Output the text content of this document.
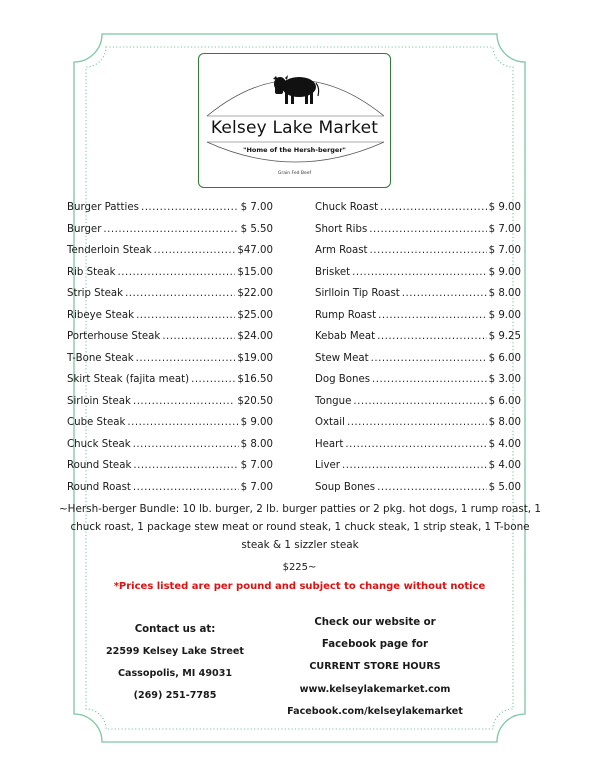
Kelsey Lake Market
"Home of the Hersh-berger"
Grain Fed Beef
Burger Patties .....	$ 7.00
Burger .....	$ 5.50
Tenderloin Steak .....	$47.00
Rib Steak .....	$15.00
Strip Steak .....	$22.00
Ribeye Steak .....	$25.00
Porterhouse Steak .....	$24.00
T-Bone Steak .....	$19.00
Skirt Steak (fajita meat) .....	$16.50
Sirloin Steak .....	$20.50
Cube Steak .....	$ 9.00
Chuck Steak .....	$ 8.00
Round Steak .....	$ 7.00
Round Roast .....	$ 7.00
Chuck Roast .....	$ 9.00
Short Ribs .....	$ 7.00
Arm Roast .....	$ 7.00
Brisket .....	$ 9.00
Sirlloin Tip Roast .....	$ 8.00
Rump Roast .....	$ 9.00
Kebab Meat .....	$ 9.25
Stew Meat .....	$ 6.00
Dog Bones .....	$ 3.00
Tongue .....	$ 6.00
Oxtail .....	$ 8.00
Heart .....	$ 4.00
Liver .....	$ 4.00
Soup Bones .....	$ 5.00
~Hersh-berger Bundle: 10 lb. burger, 2 lb. burger patties or 2 pkg. hot dogs, 1 rump roast, 1 chuck roast, 1 package stew meat or round steak, 1 chuck steak, 1 strip steak, 1 T-bone steak & 1 sizzler steak
$225~
*Prices listed are per pound and subject to change without notice
Contact us at:
22599 Kelsey Lake Street
Cassopolis, MI 49031
(269) 251-7785
Check our website or
Facebook page for
CURRENT STORE HOURS
www.kelseylakemarket.com
Facebook.com/kelseylakemarket
